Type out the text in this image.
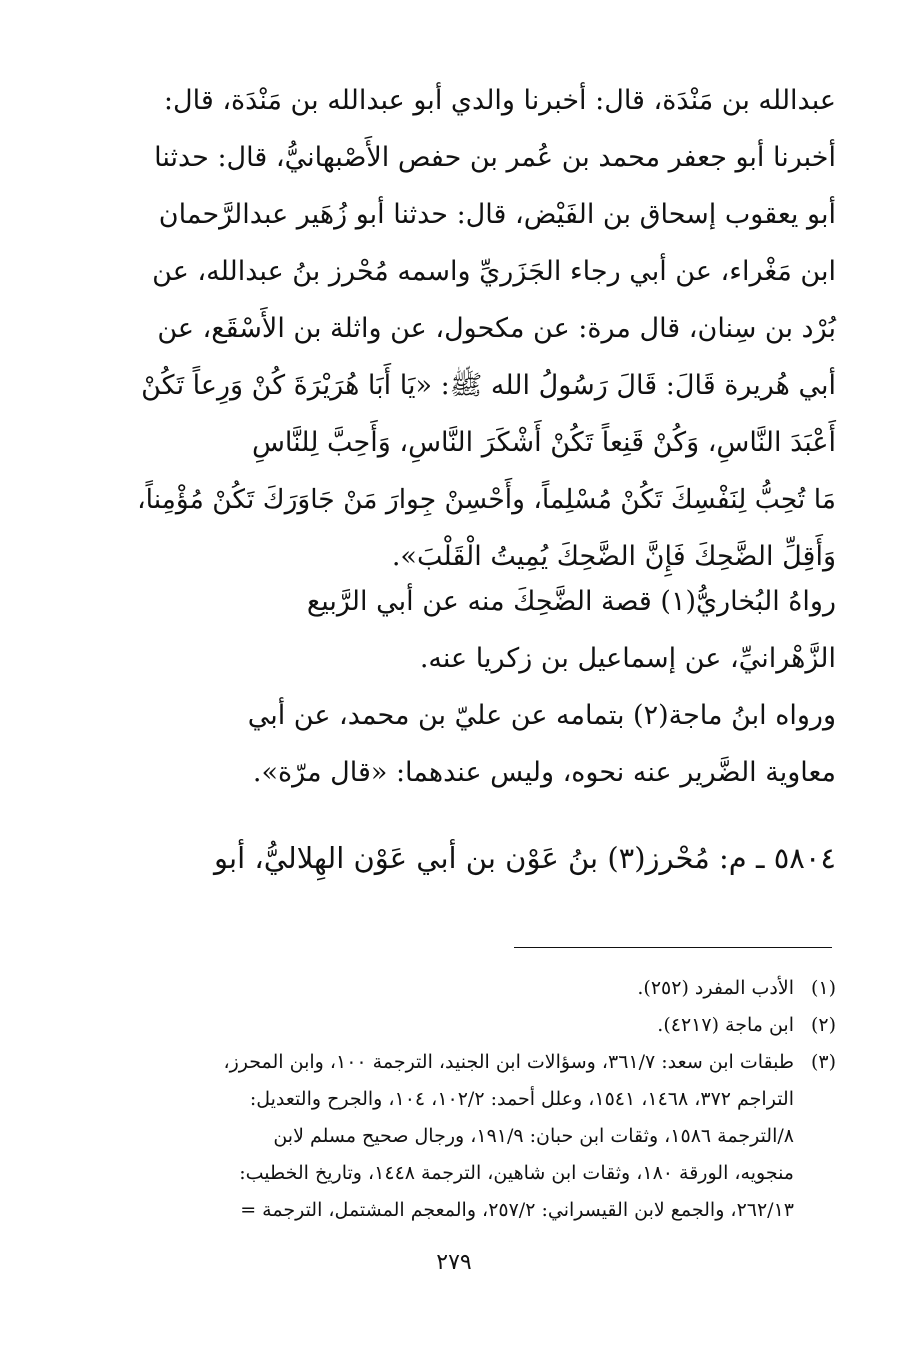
عبدالله بن مَنْدَة، قال: أخبرنا والدي أبو عبدالله بن مَنْدَة، قال:
أخبرنا أبو جعفر محمد بن عُمر بن حفص الأَصْبهانيُّ، قال: حدثنا
أبو يعقوب إسحاق بن الفَيْض، قال: حدثنا أبو زُهَير عبدالرَّحمان
ابن مَغْراء، عن أبي رجاء الجَزَريِّ واسمه مُحْرز بنُ عبدالله، عن
بُرْد بن سِنان، قال مرة: عن مكحول، عن واثلة بن الأَسْقَع، عن
أبي هُريرة قَالَ: قَالَ رَسُولُ الله ﷺ: «يَا أَبَا هُرَيْرَةَ كُنْ وَرِعاً تَكُنْ
أَعْبَدَ النَّاسِ، وَكُنْ قَنِعاً تَكُنْ أَشْكَرَ النَّاسِ، وَأَحِبَّ لِلنَّاسِ
مَا تُحِبُّ لِنَفْسِكَ تَكُنْ مُسْلِماً، وأَحْسِنْ جِوارَ مَنْ جَاوَرَكَ تَكُنْ مُؤْمِناً،
وَأَقِلِّ الضَّحِكَ فَإِنَّ الضَّحِكَ يُمِيتُ الْقَلْبَ».
رواهُ البُخاريُّ(١) قصة الضَّحِكَ منه عن أبي الرَّبيع
الزَّهْرانيِّ، عن إسماعيل بن زكريا عنه.
ورواه ابنُ ماجة(٢) بتمامه عن عليّ بن محمد، عن أبي
معاوية الضَّرير عنه نحوه، وليس عندهما: «قال مرّة».
٥٨٠٤ ـ م: مُحْرز(٣) بنُ عَوْن بن أبي عَوْن الهِلاليُّ، أبو
(١)
الأدب المفرد (٢٥٢).
(٢)
ابن ماجة (٤٢١٧).
(٣)
طبقات ابن سعد: ٣٦١/٧، وسؤالات ابن الجنيد، الترجمة ١٠٠، وابن المحرز،
التراجم ٣٧٢، ١٤٦٨، ١٥٤١، وعلل أحمد: ١٠٢/٢، ١٠٤، والجرح والتعديل:
٨/الترجمة ١٥٨٦، وثقات ابن حبان: ١٩١/٩، ورجال صحيح مسلم لابن
منجويه، الورقة ١٨٠، وثقات ابن شاهين، الترجمة ١٤٤٨، وتاريخ الخطيب:
٢٦٢/١٣، والجمع لابن القيسراني: ٢٥٧/٢، والمعجم المشتمل، الترجمة =
٢٧٩
